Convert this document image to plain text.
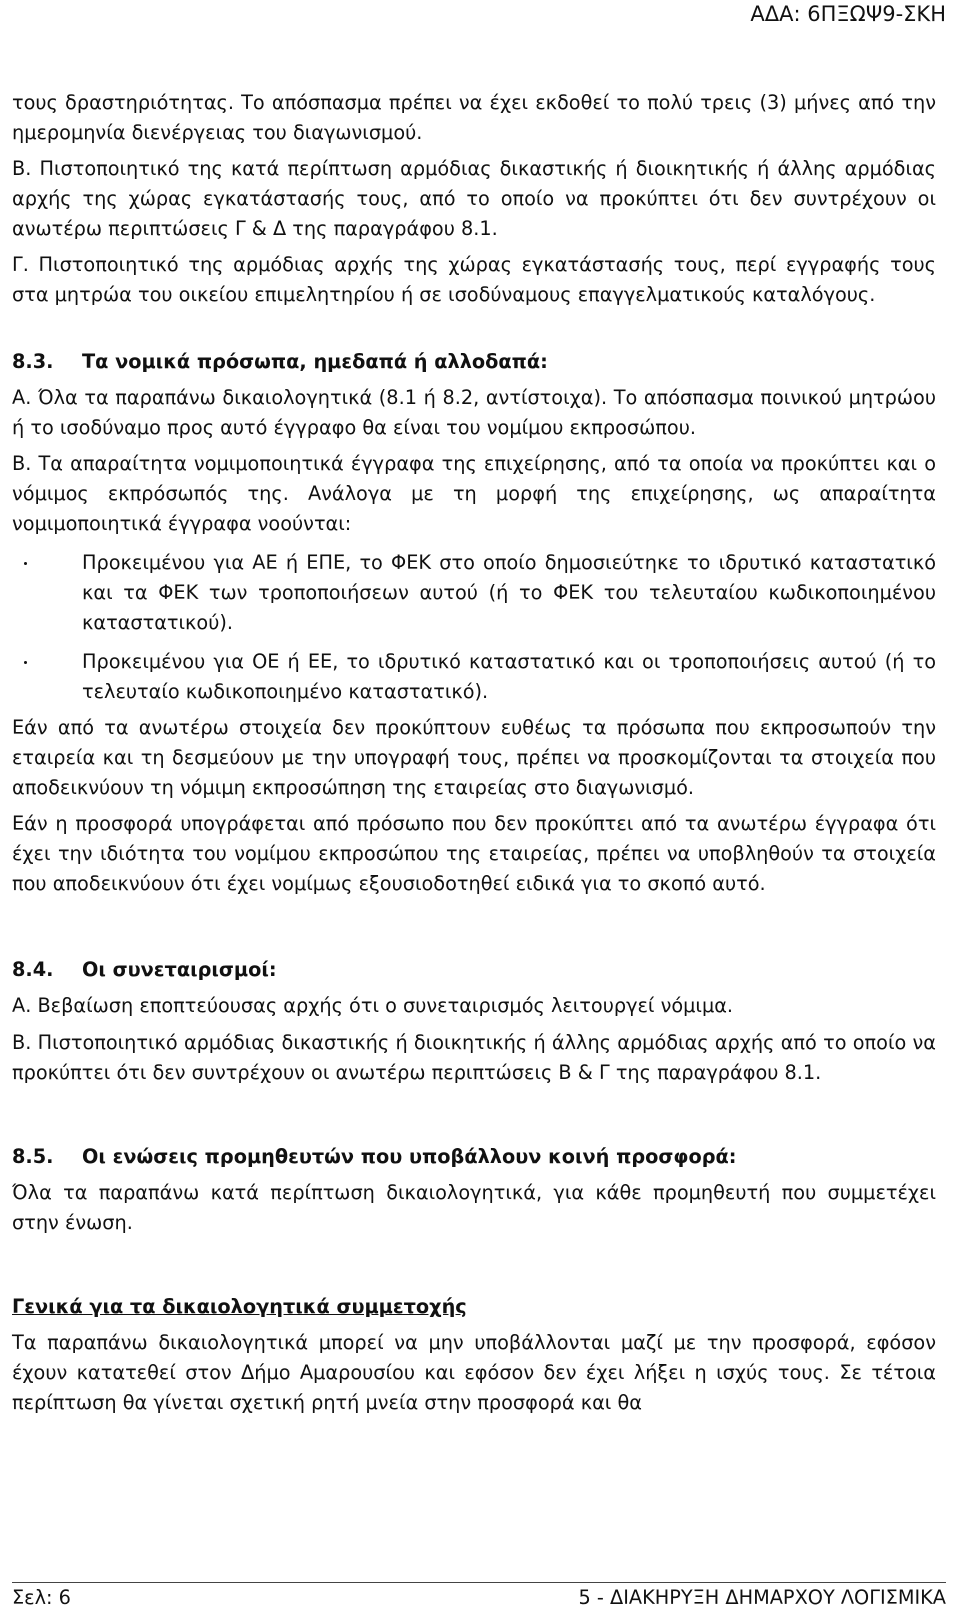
ΑΔΑ: 6ΠΞΩΨ9-ΣΚΗ

τους δραστηριότητας. Το απόσπασμα πρέπει να έχει εκδοθεί το πολύ τρεις (3) μήνες από την ημερομηνία διενέργειας του διαγωνισμού.

Β. Πιστοποιητικό της κατά περίπτωση αρμόδιας δικαστικής ή διοικητικής ή άλλης αρμόδιας αρχής της χώρας εγκατάστασής τους, από το οποίο να προκύπτει ότι δεν συντρέχουν οι ανωτέρω περιπτώσεις Γ & Δ της παραγράφου 8.1.

Γ. Πιστοποιητικό της αρμόδιας αρχής της χώρας εγκατάστασής τους, περί εγγραφής τους στα μητρώα του οικείου επιμελητηρίου ή σε ισοδύναμους επαγγελματικούς καταλόγους.

8.3.	Τα νομικά πρόσωπα, ημεδαπά ή αλλοδαπά:

Α. Όλα τα παραπάνω δικαιολογητικά (8.1 ή 8.2, αντίστοιχα). Το απόσπασμα ποινικού μητρώου ή το ισοδύναμο προς αυτό έγγραφο θα είναι του νομίμου εκπροσώπου.

Β. Τα απαραίτητα νομιμοποιητικά έγγραφα της επιχείρησης, από τα οποία να προκύπτει και ο νόμιμος εκπρόσωπός της. Ανάλογα με τη μορφή της επιχείρησης, ως απαραίτητα νομιμοποιητικά έγγραφα νοούνται:

Προκειμένου για ΑΕ ή ΕΠΕ, το ΦΕΚ στο οποίο δημοσιεύτηκε το ιδρυτικό καταστατικό και τα ΦΕΚ των τροποποιήσεων αυτού (ή το ΦΕΚ του τελευταίου κωδικοποιημένου καταστατικού).

Προκειμένου για ΟΕ ή ΕΕ, το ιδρυτικό καταστατικό και οι τροποποιήσεις αυτού (ή το τελευταίο κωδικοποιημένο καταστατικό).

Εάν από τα ανωτέρω στοιχεία δεν προκύπτουν ευθέως τα πρόσωπα που εκπροσωπούν την εταιρεία και τη δεσμεύουν με την υπογραφή τους, πρέπει να προσκομίζονται τα στοιχεία που αποδεικνύουν τη νόμιμη εκπροσώπηση της εταιρείας στο διαγωνισμό.

Εάν η προσφορά υπογράφεται από πρόσωπο που δεν προκύπτει από τα ανωτέρω έγγραφα ότι έχει την ιδιότητα του νομίμου εκπροσώπου της εταιρείας, πρέπει να υποβληθούν τα στοιχεία που αποδεικνύουν ότι έχει νομίμως εξουσιοδοτηθεί ειδικά για το σκοπό αυτό.

8.4.	Οι συνεταιρισμοί:

Α. Βεβαίωση εποπτεύουσας αρχής ότι ο συνεταιρισμός λειτουργεί νόμιμα.

Β. Πιστοποιητικό αρμόδιας δικαστικής ή διοικητικής ή άλλης αρμόδιας αρχής από το οποίο να προκύπτει ότι δεν συντρέχουν οι ανωτέρω περιπτώσεις Β & Γ της παραγράφου 8.1.

8.5.	Οι ενώσεις προμηθευτών που υποβάλλουν κοινή προσφορά:

Όλα τα παραπάνω κατά περίπτωση δικαιολογητικά, για κάθε προμηθευτή που συμμετέχει στην ένωση.

Γενικά για τα δικαιολογητικά συμμετοχής

Τα παραπάνω δικαιολογητικά μπορεί να μην υποβάλλονται μαζί με την προσφορά, εφόσον έχουν κατατεθεί στον Δήμο Αμαρουσίου και εφόσον δεν έχει λήξει η ισχύς τους. Σε τέτοια περίπτωση θα γίνεται σχετική ρητή μνεία στην προσφορά και θα

Σελ: 6	5 - ΔΙΑΚΗΡΥΞΗ ΔΗΜΑΡΧΟΥ ΛΟΓΙΣΜΙΚΑ
